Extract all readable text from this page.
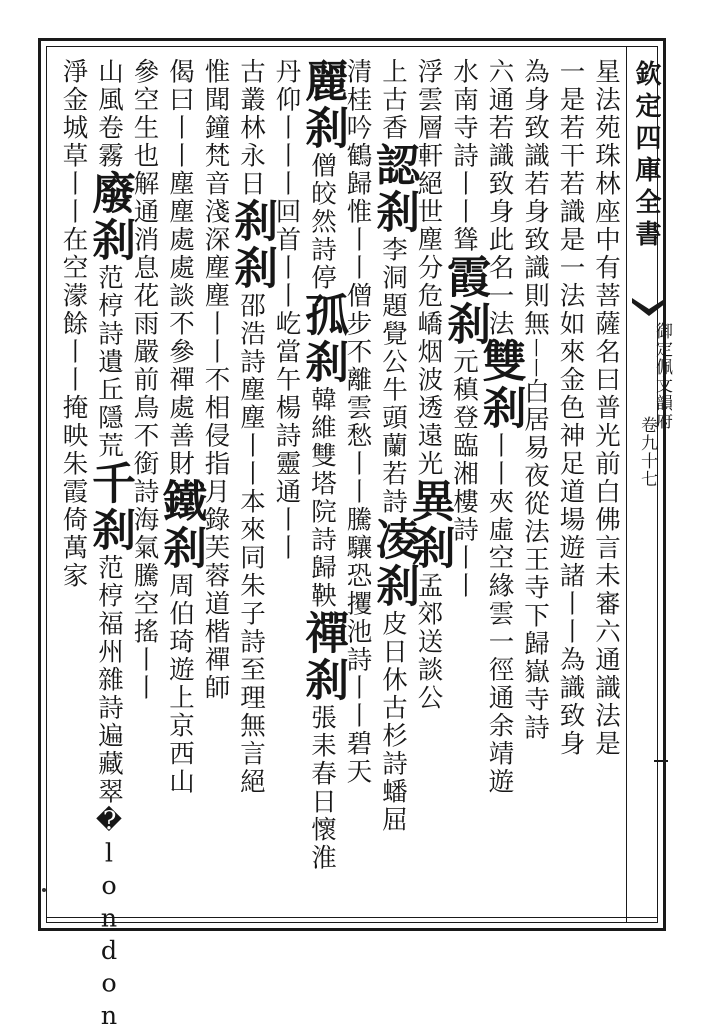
欽定四庫全書
御定佩文韻府
卷九十七
星法苑珠林座中有菩薩名曰普光前白佛言未審六通識法是
一是若干若識是一法如來金色神足道場遊諸丨丨為識致身
為身致識若身致識則無丨丨白居易夜從法王寺下歸嶽寺詩
六通若識致身此名一法雙刹丨丨夾虛空緣雲一徑通余靖遊
水南寺詩丨丨聳霞刹元稹登臨湘樓詩丨丨
浮雲層軒絕世塵分危嶠烟波透遠光異刹孟郊送談公
上古香認刹李洞題覺公牛頭蘭若詩凌刹皮日休古杉詩蟠屈
清桂吟鶴歸惟丨丨僧步不離雲愁丨丨騰驤恐攫池詩丨丨碧天
麗刹僧皎然詩停孤刹韓維雙塔院詩歸鞅禪刹張耒春日懷淮
丹仰丨丨丨回首丨丨屹當午楊詩靈通丨丨
古叢林永日刹刹邵浩詩塵塵丨丨本來同朱子詩至理無言絕
惟聞鐘梵音淺深塵塵丨丨不相侵指月錄芙蓉道楷禪師
偈曰丨丨塵塵處處談不參禪處善財鐵刹周伯琦遊上京西山
參空生也解通消息花雨嚴前鳥不銜詩海氣騰空搖丨丨
山風卷霧廢刹范梈詩遺丘隱荒千刹范梈福州雜詩遍藏翠�london
淨金城草丨丨在空濛餘丨丨掩映朱霞倚萬家
